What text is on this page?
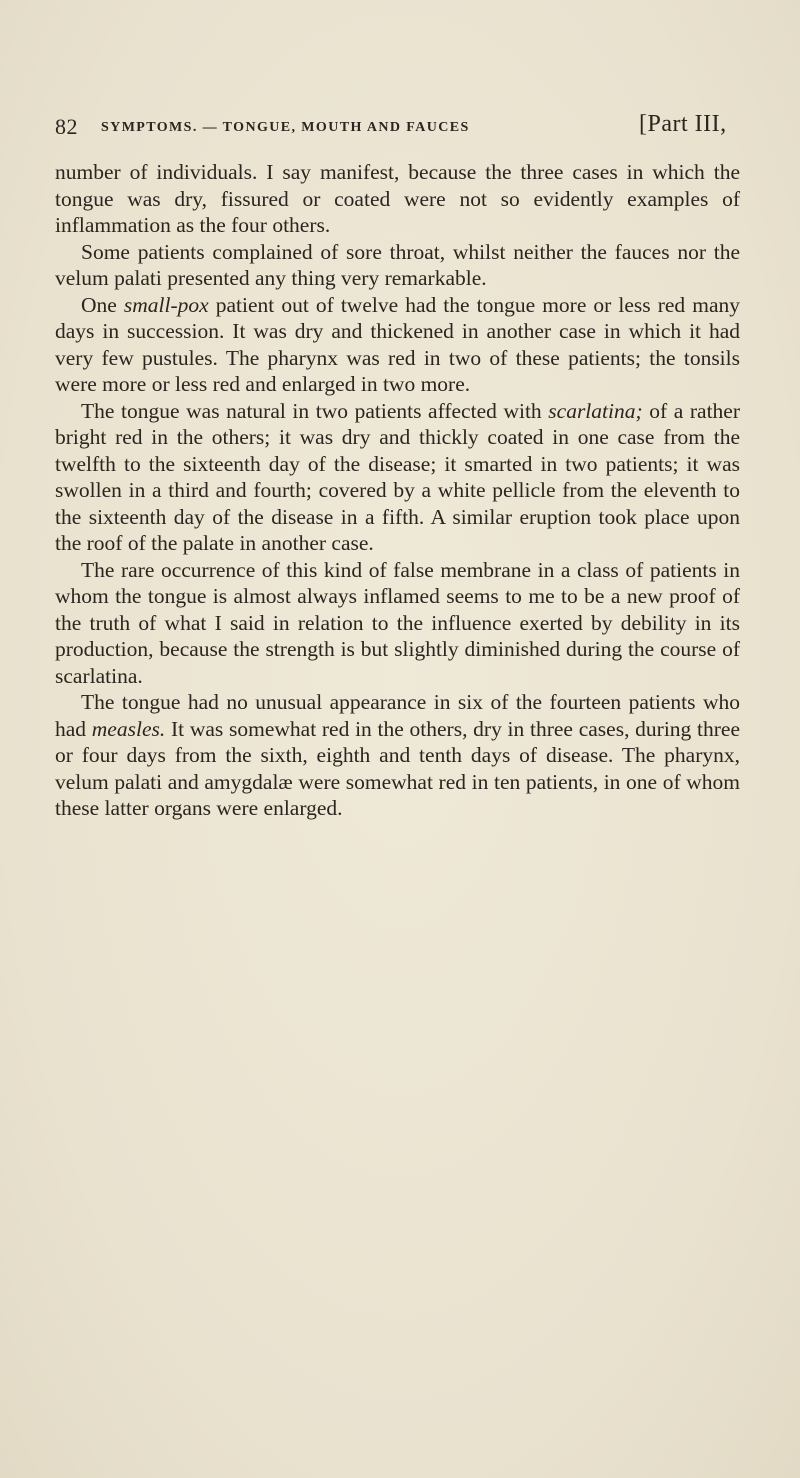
82 SYMPTOMS. — TONGUE, MOUTH AND FAUCES	[Part III,

number of individuals. I say manifest, because the three cases in which the tongue was dry, fissured or coated were not so evidently examples of inflammation as the four others.

Some patients complained of sore throat, whilst neither the fauces nor the velum palati presented any thing very remarkable.

One small-pox patient out of twelve had the tongue more or less red many days in succession. It was dry and thickened in another case in which it had very few pustules. The pharynx was red in two of these patients; the tonsils were more or less red and enlarged in two more.

The tongue was natural in two patients affected with scarlatina; of a rather bright red in the others; it was dry and thickly coated in one case from the twelfth to the sixteenth day of the disease; it smarted in two patients; it was swollen in a third and fourth; covered by a white pellicle from the eleventh to the sixteenth day of the disease in a fifth. A similar eruption took place upon the roof of the palate in another case.

The rare occurrence of this kind of false membrane in a class of patients in whom the tongue is almost always inflamed seems to me to be a new proof of the truth of what I said in relation to the influence exerted by debility in its production, because the strength is but slightly diminished during the course of scarlatina.

The tongue had no unusual appearance in six of the fourteen patients who had measles. It was somewhat red in the others, dry in three cases, during three or four days from the sixth, eighth and tenth days of disease. The pharynx, velum palati and amygdalæ were somewhat red in ten patients, in one of whom these latter organs were enlarged.
